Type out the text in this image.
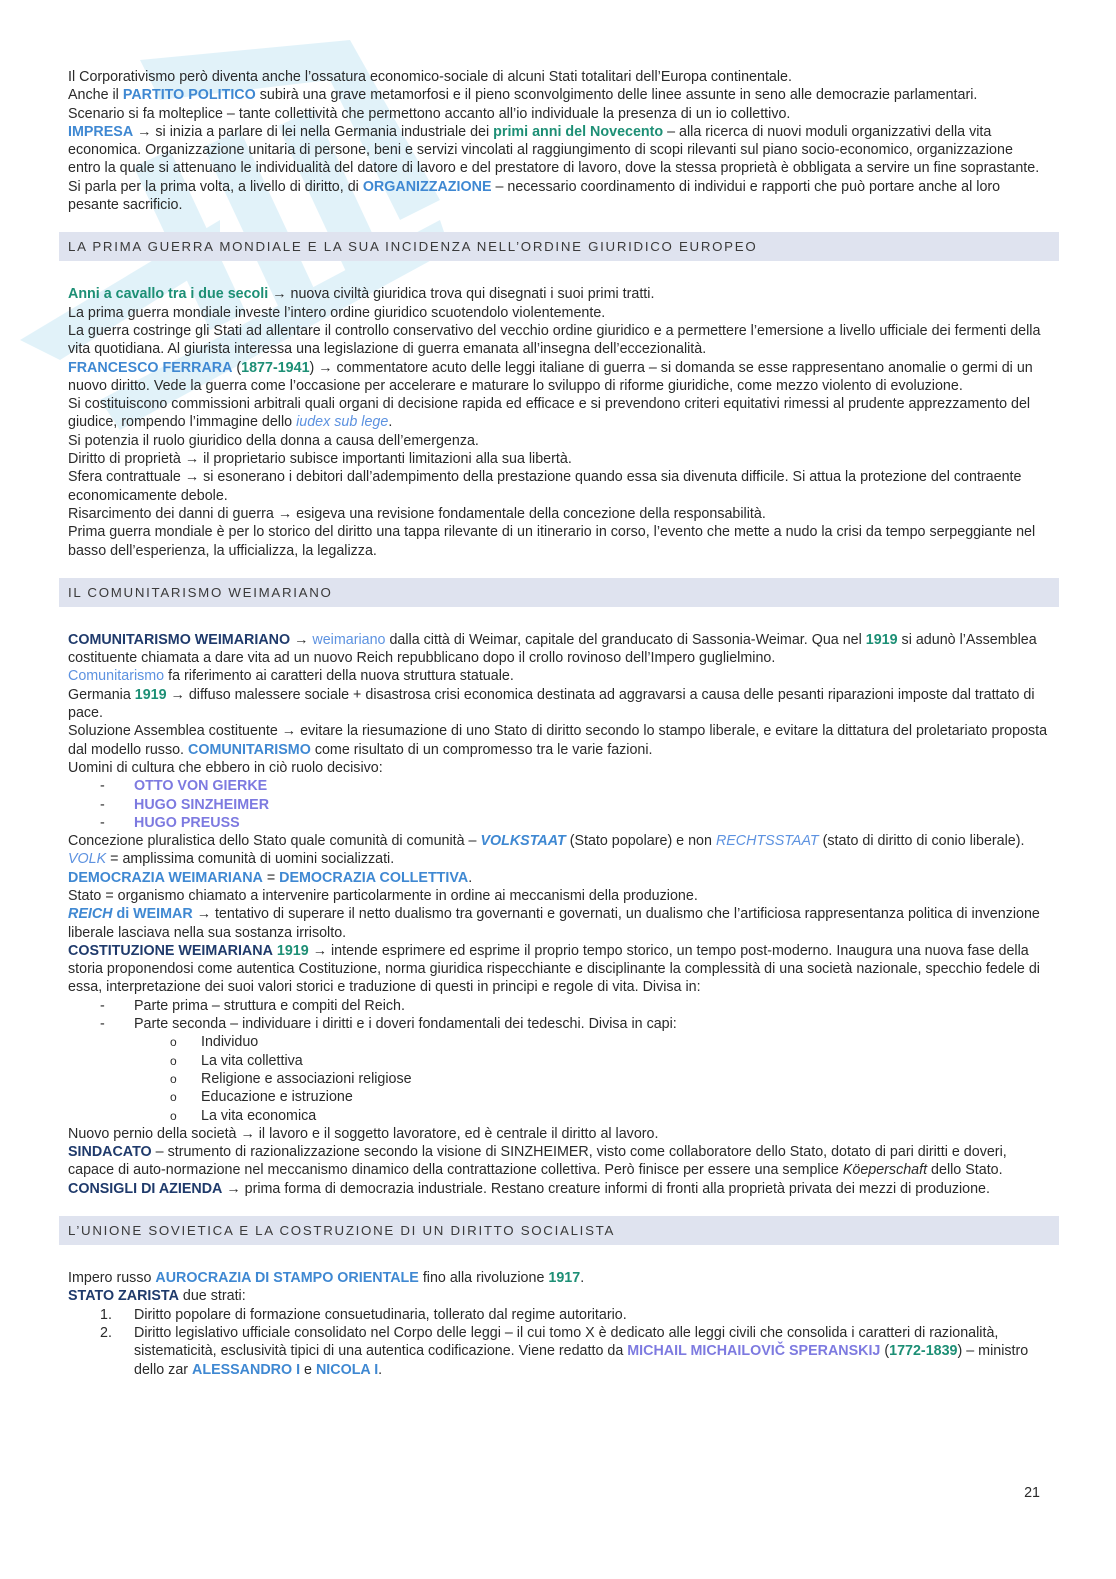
Il Corporativismo però diventa anche l’ossatura economico-sociale di alcuni Stati totalitari dell’Europa continentale.

Anche il PARTITO POLITICO subirà una grave metamorfosi e il pieno sconvolgimento delle linee assunte in seno alle democrazie parlamentari.

Scenario si fa molteplice – tante collettività che permettono accanto all’io individuale la presenza di un io collettivo.

IMPRESA → si inizia a parlare di lei nella Germania industriale dei primi anni del Novecento – alla ricerca di nuovi moduli organizzativi della vita economica. Organizzazione unitaria di persone, beni e servizi vincolati al raggiungimento di scopi rilevanti sul piano socio-economico, organizzazione entro la quale si attenuano le individualità del datore di lavoro e del prestatore di lavoro, dove la stessa proprietà è obbligata a servire un fine soprastante.

Si parla per la prima volta, a livello di diritto, di ORGANIZZAZIONE – necessario coordinamento di individui e rapporti che può portare anche al loro pesante sacrificio.

LA PRIMA GUERRA MONDIALE E LA SUA INCIDENZA NELL’ORDINE GIURIDICO EUROPEO

Anni a cavallo tra i due secoli → nuova civiltà giuridica trova qui disegnati i suoi primi tratti.

La prima guerra mondiale investe l’intero ordine giuridico scuotendolo violentemente.

La guerra costringe gli Stati ad allentare il controllo conservativo del vecchio ordine giuridico e a permettere l’emersione a livello ufficiale dei fermenti della vita quotidiana. Al giurista interessa una legislazione di guerra emanata all’insegna dell’eccezionalità.

FRANCESCO FERRARA (1877-1941) → commentatore acuto delle leggi italiane di guerra – si domanda se esse rappresentano anomalie o germi di un nuovo diritto. Vede la guerra come l’occasione per accelerare e maturare lo sviluppo di riforme giuridiche, come mezzo violento di evoluzione.

Si costituiscono commissioni arbitrali quali organi di decisione rapida ed efficace e si prevendono criteri equitativi rimessi al prudente apprezzamento del giudice, rompendo l’immagine dello iudex sub lege.

Si potenzia il ruolo giuridico della donna a causa dell’emergenza.

Diritto di proprietà → il proprietario subisce importanti limitazioni alla sua libertà.

Sfera contrattuale → si esonerano i debitori dall’adempimento della prestazione quando essa sia divenuta difficile. Si attua la protezione del contraente economicamente debole.

Risarcimento dei danni di guerra → esigeva una revisione fondamentale della concezione della responsabilità.

Prima guerra mondiale è per lo storico del diritto una tappa rilevante di un itinerario in corso, l’evento che mette a nudo la crisi da tempo serpeggiante nel basso dell’esperienza, la ufficializza, la legalizza.

IL COMUNITARISMO WEIMARIANO

COMUNITARISMO WEIMARIANO → weimariano dalla città di Weimar, capitale del granducato di Sassonia-Weimar. Qua nel 1919 si adunò l’Assemblea costituente chiamata a dare vita ad un nuovo Reich repubblicano dopo il crollo rovinoso dell’Impero guglielmino.

Comunitarismo fa riferimento ai caratteri della nuova struttura statuale.

Germania 1919 → diffuso malessere sociale + disastrosa crisi economica destinata ad aggravarsi a causa delle pesanti riparazioni imposte dal trattato di pace.

Soluzione Assemblea costituente → evitare la riesumazione di uno Stato di diritto secondo lo stampo liberale, e evitare la dittatura del proletariato proposta dal modello russo. COMUNITARISMO come risultato di un compromesso tra le varie fazioni.

Uomini di cultura che ebbero in ciò ruolo decisivo:

- OTTO VON GIERKE
- HUGO SINZHEIMER
- HUGO PREUSS

Concezione pluralistica dello Stato quale comunità di comunità – VOLKSTAAT (Stato popolare) e non RECHTSSTAAT (stato di diritto di conio liberale). VOLK = amplissima comunità di uomini socializzati.

DEMOCRAZIA WEIMARIANA = DEMOCRAZIA COLLETTIVA.

Stato = organismo chiamato a intervenire particolarmente in ordine ai meccanismi della produzione.

REICH di WEIMAR → tentativo di superare il netto dualismo tra governanti e governati, un dualismo che l’artificiosa rappresentanza politica di invenzione liberale lasciava nella sua sostanza irrisolto.

COSTITUZIONE WEIMARIANA 1919 → intende esprimere ed esprime il proprio tempo storico, un tempo post-moderno. Inaugura una nuova fase della storia proponendosi come autentica Costituzione, norma giuridica rispecchiante e disciplinante la complessità di una società nazionale, specchio fedele di essa, interpretazione dei suoi valori storici e traduzione di questi in principi e regole di vita. Divisa in:

- Parte prima – struttura e compiti del Reich.
- Parte seconda – individuare i diritti e i doveri fondamentali dei tedeschi. Divisa in capi:
o Individuo
o La vita collettiva
o Religione e associazioni religiose
o Educazione e istruzione
o La vita economica

Nuovo pernio della società → il lavoro e il soggetto lavoratore, ed è centrale il diritto al lavoro.

SINDACATO – strumento di razionalizzazione secondo la visione di SINZHEIMER, visto come collaboratore dello Stato, dotato di pari diritti e doveri, capace di auto-normazione nel meccanismo dinamico della contrattazione collettiva. Però finisce per essere una semplice Köeperschaft dello Stato.

CONSIGLI DI AZIENDA → prima forma di democrazia industriale. Restano creature informi di fronti alla proprietà privata dei mezzi di produzione.

L’UNIONE SOVIETICA E LA COSTRUZIONE DI UN DIRITTO SOCIALISTA

Impero russo AUROCRAZIA DI STAMPO ORIENTALE fino alla rivoluzione 1917.

STATO ZARISTA due strati:

1. Diritto popolare di formazione consuetudinaria, tollerato dal regime autoritario.
2. Diritto legislativo ufficiale consolidato nel Corpo delle leggi – il cui tomo X è dedicato alle leggi civili che consolida i caratteri di razionalità, sistematicità, esclusività tipici di una autentica codificazione. Viene redatto da MICHAIL MICHAILOVIČ SPERANSKIJ (1772-1839) – ministro dello zar ALESSANDRO I e NICOLA I.
21
